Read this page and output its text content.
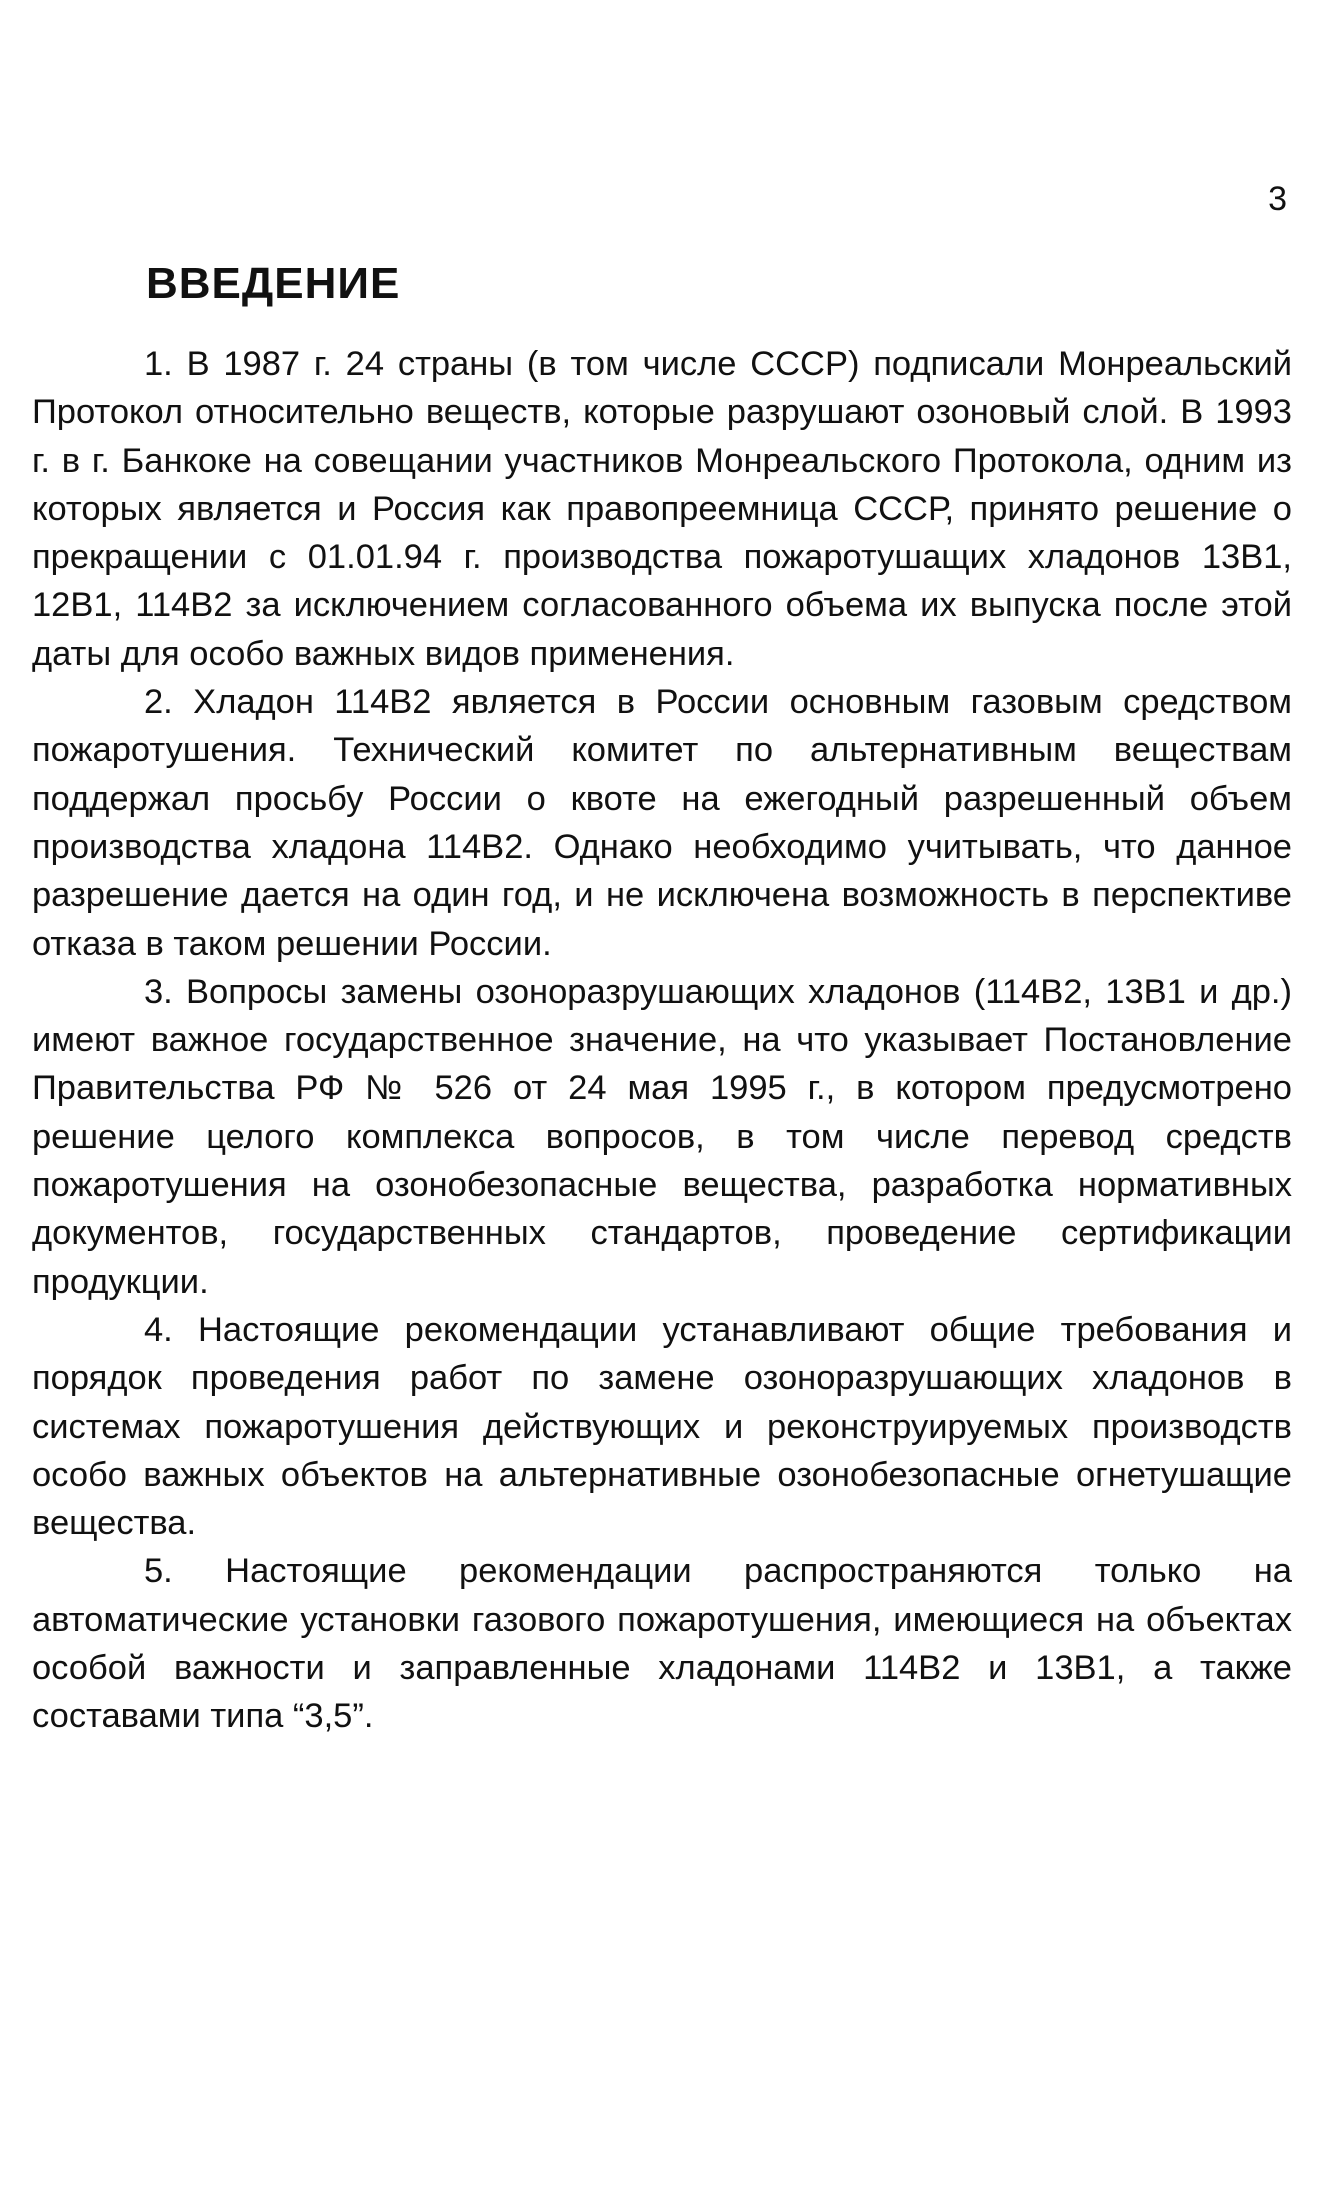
3
ВВЕДЕНИЕ

1. В 1987 г. 24 страны (в том числе СССР) подписали Монреальский Протокол относительно веществ, которые разрушают озоновый слой. В 1993 г. в г. Банкоке на совещании участников Монреальского Протокола, одним из которых является и Россия как правопреемница СССР, принято решение о прекращении с 01.01.94 г. производства пожаротушащих хладонов 13В1, 12В1, 114В2 за исключением согласованного объема их выпуска после этой даты для особо важных видов применения.

2. Хладон 114В2 является в России основным газовым средством пожаротушения. Технический комитет по альтернативным веществам поддержал просьбу России о квоте на ежегодный разрешенный объем производства хладона 114В2. Однако необходимо учитывать, что данное разрешение дается на один год, и не исключена возможность в перспективе отказа в таком решении России.

3. Вопросы замены озоноразрушающих хладонов (114В2, 13В1 и др.) имеют важное государственное значение, на что указывает Постановление Правительства РФ № 526 от 24 мая 1995 г., в котором предусмотрено решение целого комплекса вопросов, в том числе перевод средств пожаротушения на озонобезопасные вещества, разработка нормативных документов, государственных стандартов, проведение сертификации продукции.

4. Настоящие рекомендации устанавливают общие требования и порядок проведения работ по замене озоноразрушающих хладонов в системах пожаротушения действующих и реконструируемых производств особо важных объектов на альтернативные озонобезопасные огнетушащие вещества.

5. Настоящие рекомендации распространяются только на автоматические установки газового пожаротушения, имеющиеся на объектах особой важности и заправленные хладонами 114В2 и 13В1, а также составами типа “3,5”.
